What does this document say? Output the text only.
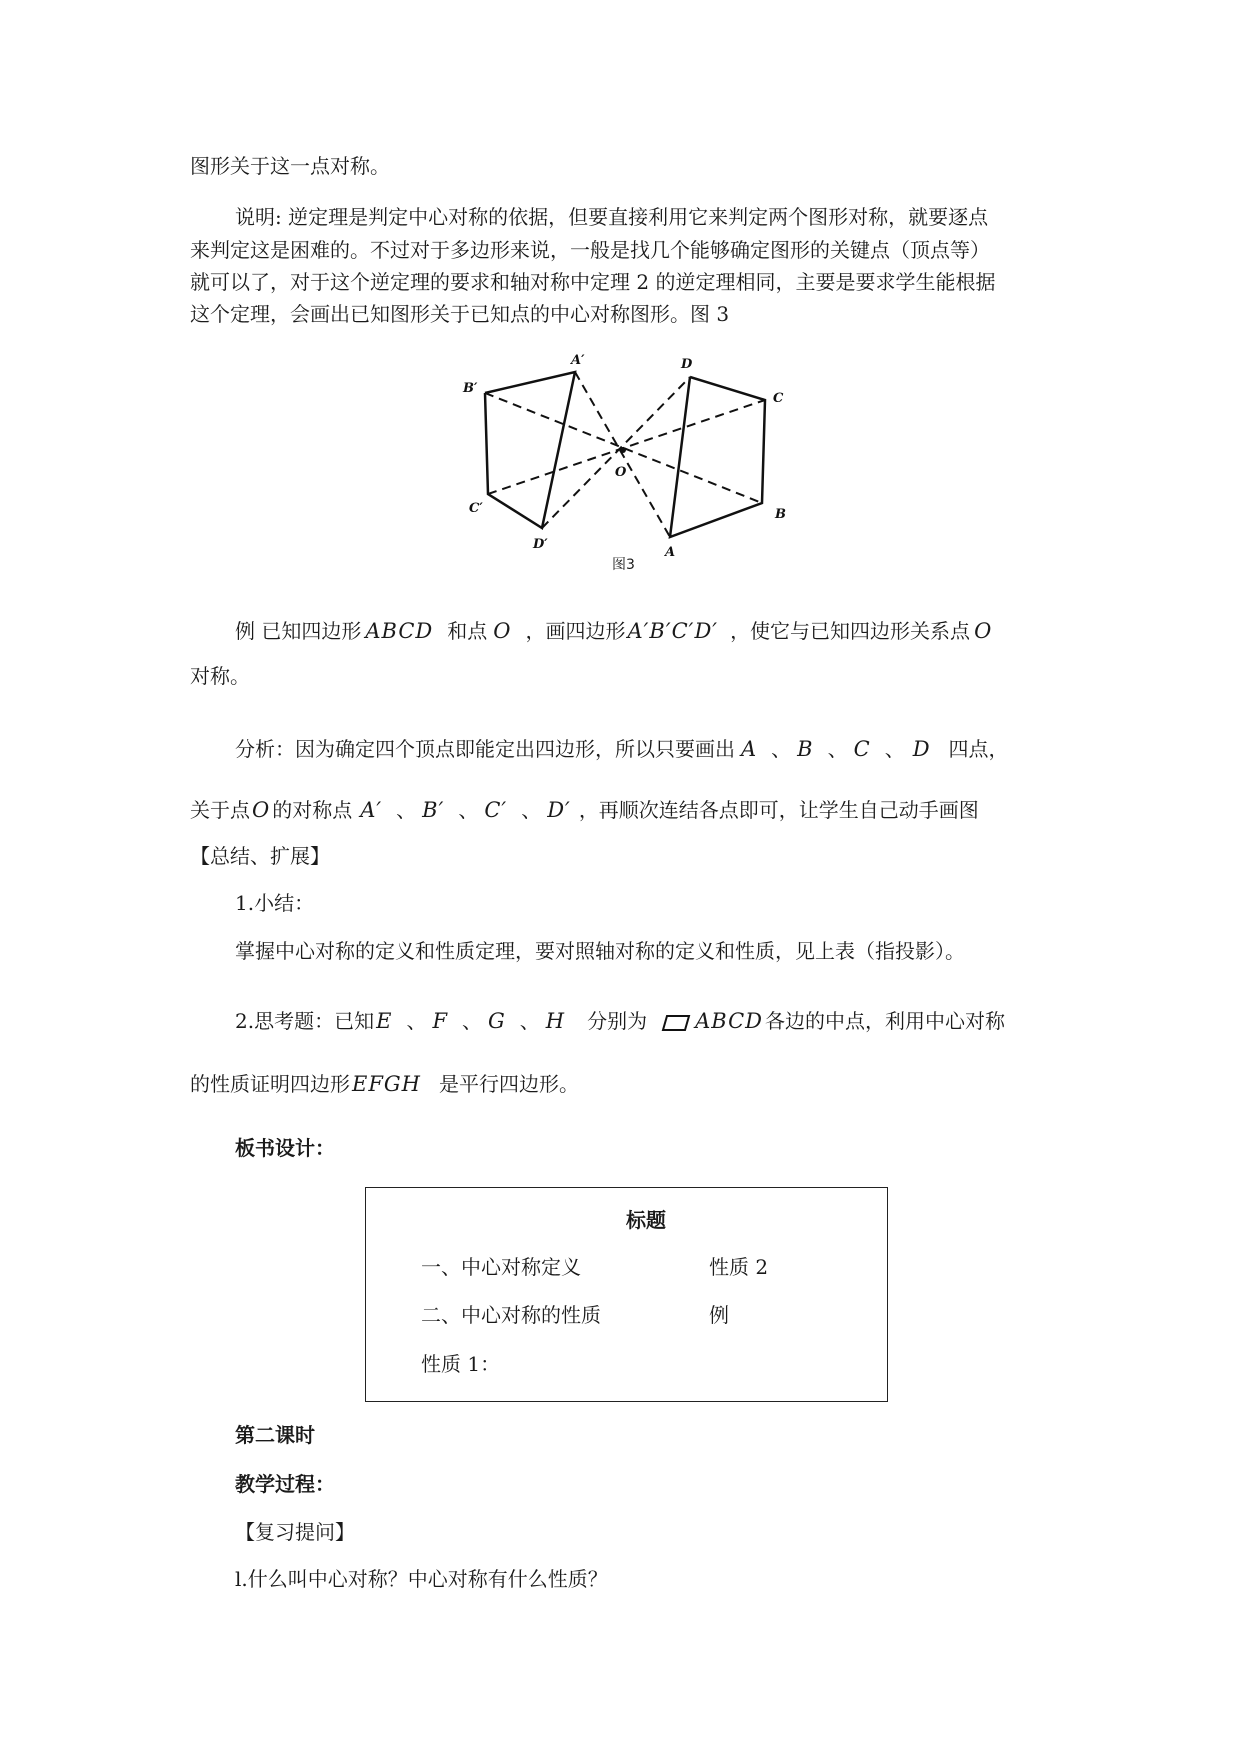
图形关于这一点对称。
说明: 逆定理是判定中心对称的依据，但要直接利用它来判定两个图形对称，就要逐点
来判定这是困难的。不过对于多边形来说，一般是找几个能够确定图形的关键点（顶点等）
就可以了，对于这个逆定理的要求和轴对称中定理 2 的逆定理相同，主要是要求学生能根据
这个定理，会画出已知图形关于已知点的中心对称图形。图 3
B′
A′	D
C
O
C′	B
D′
A
图3
例 已知四边形 ABCD 和点 O ，画四边形A′B′C′D′ ，使它与已知四边形关系点 O
对称。
分析：因为确定四个顶点即能定出四边形，所以只要画出 A 、 B 、 C 、 D 四点，
关于点O 的对称点 A′ 、 B′ 、 C′ 、 D′ ，再顺次连结各点即可，让学生自己动手画图
【总结、扩展】
1.小结：
掌握中心对称的定义和性质定理，要对照轴对称的定义和性质，见上表（指投影）。
2.思考题：已知E 、 F 、 G 、 H 分别为 ABCD 各边的中点，利用中心对称
的性质证明四边形EFGH 是平行四边形。
板书设计：
标题
一、中心对称定义	性质 2
二、中心对称的性质	例
性质 1：
第二课时
教学过程：
【复习提问】
l.什么叫中心对称？中心对称有什么性质？
